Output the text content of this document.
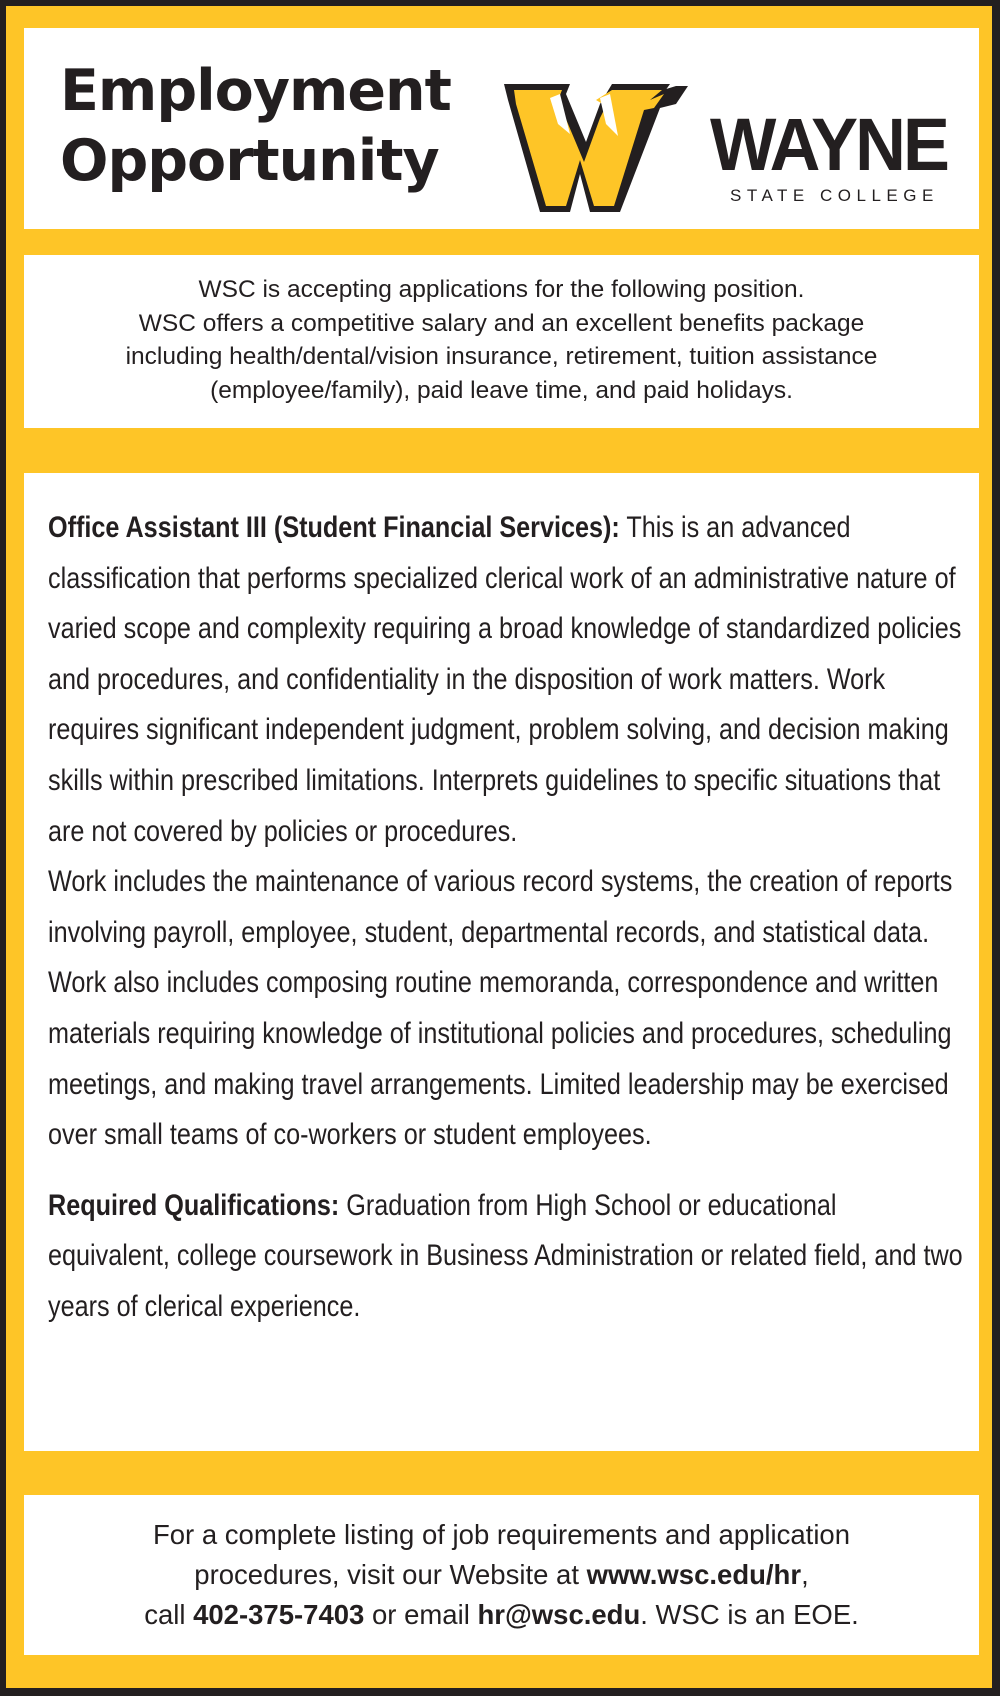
Employment
Opportunity	WAYNE
STATE COLLEGE
WSC is accepting applications for the following position.
WSC offers a competitive salary and an excellent benefits package
including health/dental/vision insurance, retirement, tuition assistance
(employee/family), paid leave time, and paid holidays.

Office Assistant III (Student Financial Services): This is an advanced classification that performs specialized clerical work of an administrative nature of varied scope and complexity requiring a broad knowledge of standardized policies and procedures, and confidentiality in the disposition of work matters. Work requires significant independent judgment, problem solving, and decision making skills within prescribed limitations. Interprets guidelines to specific situations that are not covered by policies or procedures.

Work includes the maintenance of various record systems, the creation of reports involving payroll, employee, student, departmental records, and statistical data. Work also includes composing routine memoranda, correspondence and written materials requiring knowledge of institutional policies and procedures, scheduling meetings, and making travel arrangements. Limited leadership may be exercised over small teams of co-workers or student employees.

Required Qualifications: Graduation from High School or educational equivalent, college coursework in Business Administration or related field, and two years of clerical experience.

For a complete listing of job requirements and application
procedures, visit our Website at www.wsc.edu/hr,
call 402-375-7403 or email hr@wsc.edu. WSC is an EOE.
